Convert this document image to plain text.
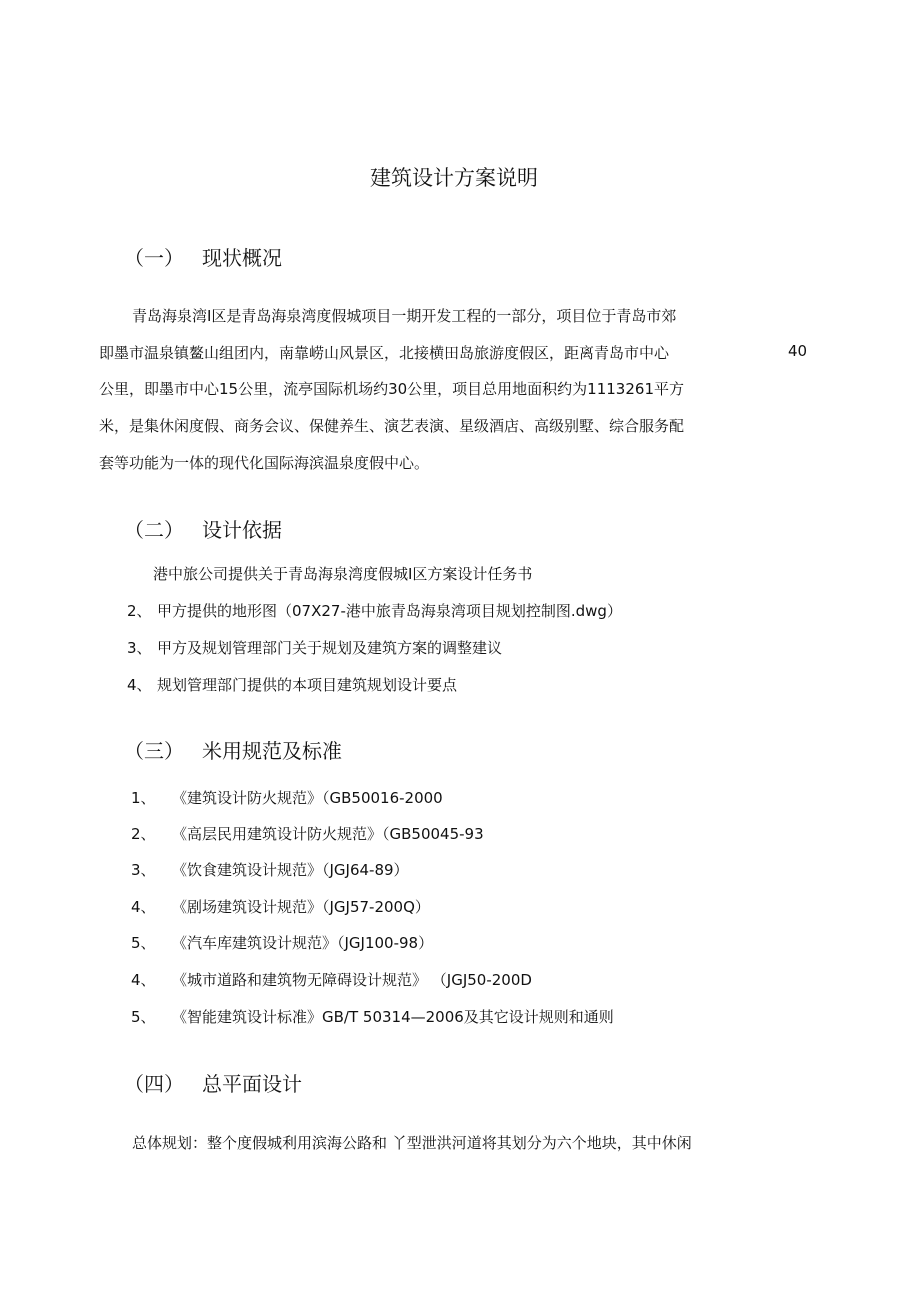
建筑设计方案说明
（一） 现状概况
青岛海泉湾Ⅰ区是青岛海泉湾度假城项目一期开发工程的一部分，项目位于青岛市郊
即墨市温泉镇鳌山组团内，南靠崂山风景区，北接横田岛旅游度假区，距离青岛市中心	40
公里，即墨市中心15公里，流亭国际机场约30公里，项目总用地面积约为1113261平方
米，是集休闲度假、商务会议、保健养生、演艺表演、星级酒店、高级别墅、综合服务配
套等功能为一体的现代化国际海滨温泉度假中心。
（二） 设计依据
港中旅公司提供关于青岛海泉湾度假城Ⅰ区方案设计任务书
2、 甲方提供的地形图（07X27-港中旅青岛海泉湾项目规划控制图.dwg）
3、 甲方及规划管理部门关于规划及建筑方案的调整建议
4、 规划管理部门提供的本项目建筑规划设计要点
（三） 米用规范及标准
1、 《建筑设计防火规范》（GB50016-2000
2、 《高层民用建筑设计防火规范》（GB50045-93
3、 《饮食建筑设计规范》（JGJ64-89）
4、 《剧场建筑设计规范》（JGJ57-200Q）
5、 《汽车库建筑设计规范》（JGJ100-98）
4、 《城市道路和建筑物无障碍设计规范》 （JGJ50-200D
5、 《智能建筑设计标准》GB/T 50314—2006及其它设计规则和通则
（四） 总平面设计
总体规划：整个度假城利用滨海公路和 丫型泄洪河道将其划分为六个地块，其中休闲
